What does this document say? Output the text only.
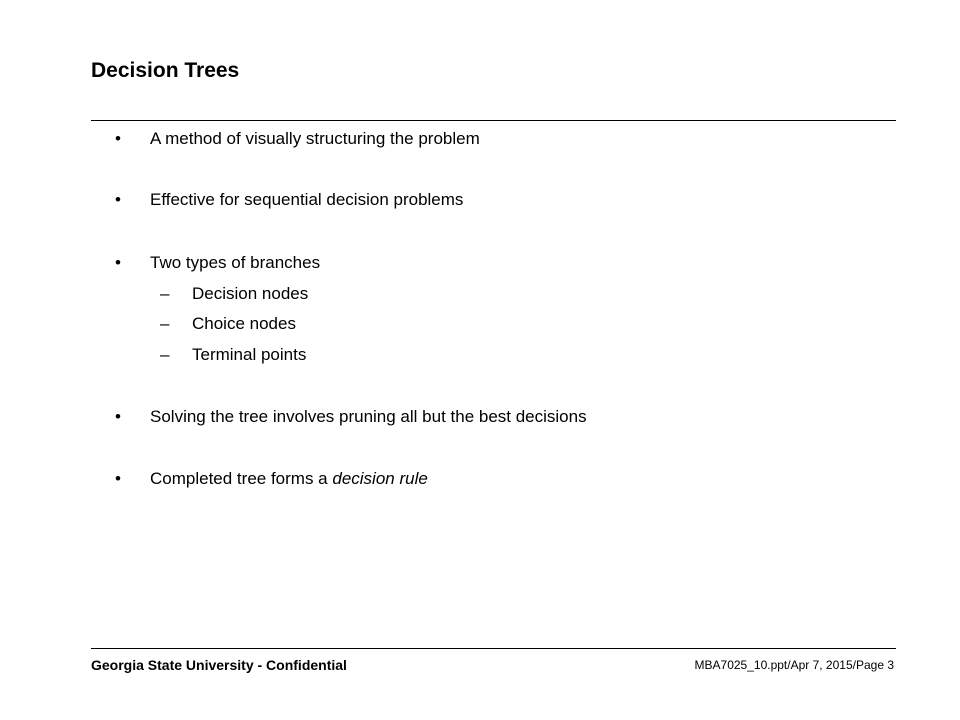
Decision Trees
• A method of visually structuring the problem
• Effective for sequential decision problems
• Two types of branches
– Decision nodes
– Choice nodes
– Terminal points
• Solving the tree involves pruning all but the best decisions
• Completed tree forms a decision rule
Georgia State University - Confidential	MBA7025_10.ppt/Apr 7, 2015/Page 3
